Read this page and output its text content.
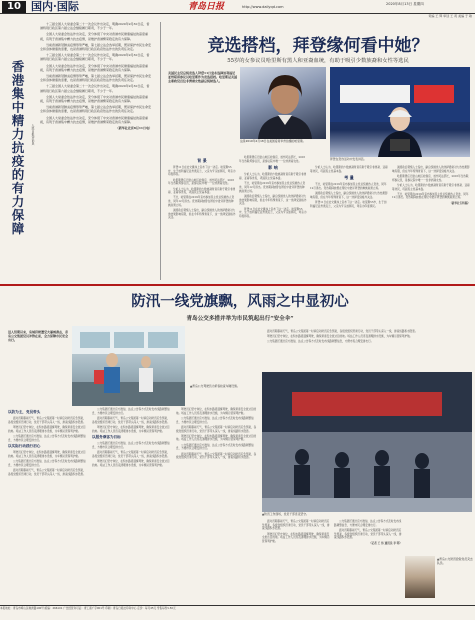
10 国内·国际	青岛日报	http://www.dailyqd.com
2020年8月13日 星期四
责编 王 辉 审读 王 莉 美编 于 敏
香港集中精力抗疫的有力保障	人民日报评论员

十三届全国人大常委会第二十一次会议作出决定，明确2020年9月30日后，香港特别行政区第六届立法会继续履行职责，不少于一年。

全国人大常委会依法作出决定，充分体现了中央对香港市民健康福祉的高度重视，有利于香港集中精力抗击疫情，是维护香港繁荣稳定的有力保障。

当前香港新冠肺炎疫情形势严峻，第七届立法会选举延期，既是保护市民生命安全和身体健康的需要，也是香港特别行政区政府依法作出的负责任决定。

十三届全国人大常委会第二十一次会议作出决定，明确2020年9月30日后，香港特别行政区第六届立法会继续履行职责，不少于一年。

全国人大常委会依法作出决定，充分体现了中央对香港市民健康福祉的高度重视，有利于香港集中精力抗击疫情，是维护香港繁荣稳定的有力保障。

当前香港新冠肺炎疫情形势严峻，第七届立法会选举延期，既是保护市民生命安全和身体健康的需要，也是香港特别行政区政府依法作出的负责任决定。

十三届全国人大常委会第二十一次会议作出决定，明确2020年9月30日后，香港特别行政区第六届立法会继续履行职责，不少于一年。

全国人大常委会依法作出决定，充分体现了中央对香港市民健康福祉的高度重视，有利于香港集中精力抗击疫情，是维护香港繁荣稳定的有力保障。

当前香港新冠肺炎疫情形势严峻，第七届立法会选举延期，既是保护市民生命安全和身体健康的需要，也是香港特别行政区政府依法作出的负责任决定。

全国人大常委会依法作出决定，充分体现了中央对香港市民健康福祉的高度重视，有利于香港集中精力抗击疫情，是维护香港繁荣稳定的有力保障。

（新华社北京8月11日电）

竞选搭档，拜登缘何看中她？
55岁的女参议员哈里斯有黑人和亚裔血统，有助于吸引少数族裔和女性等选民
美国民主党总统竞选人拜登11日宣布选择加利福尼亚州联邦参议员哈里斯作为竞选搭档。哈里斯是美国主要政党首位非洲裔女性副总统候选人。
这是2019年2月18日在美国爱荷华州拍摄的哈里斯。
拜登在竞选活动中发表讲话。
背 景

拜登11日在社交媒体上宣布了这一决定。哈里斯55岁，生于加利福尼亚州奥克兰，父亲为牙买加移民，母亲为印度移民。

哈里斯曾任旧金山地区检察官、加州司法部长，2016年当选联邦参议员，是参议院中唯一一位非洲裔女性。

分析人士认为，哈里斯的少数族裔背景有助于吸引非洲裔、亚裔等选民，巩固民主党基本盘。

不过，哈里斯在2019年宣布参加民主党总统候选人竞选，同年12月退出。竞选期间她曾在辩论中批评拜登的种族政策立场。

美国政治观察人士指出，副总统候选人的选择通常对大选结果影响有限，但在今年特殊背景下，这一选择受到格外关注。

哈里斯曾任旧金山地区检察官、加州司法部长，2016年当选联邦参议员，是参议院中唯一一位非洲裔女性。

影 响

分析人士认为，哈里斯的少数族裔背景有助于吸引非洲裔、亚裔等选民，巩固民主党基本盘。

不过，哈里斯在2019年宣布参加民主党总统候选人竞选，同年12月退出。竞选期间她曾在辩论中批评拜登的种族政策立场。

美国政治观察人士指出，副总统候选人的选择通常对大选结果影响有限，但在今年特殊背景下，这一选择受到格外关注。

拜登11日在社交媒体上宣布了这一决定。哈里斯55岁，生于加利福尼亚州奥克兰，父亲为牙买加移民，母亲为印度移民。

分析人士认为，哈里斯的少数族裔背景有助于吸引非洲裔、亚裔等选民，巩固民主党基本盘。

考 量

不过，哈里斯在2019年宣布参加民主党总统候选人竞选，同年12月退出。竞选期间她曾在辩论中批评拜登的种族政策立场。

美国政治观察人士指出，副总统候选人的选择通常对大选结果影响有限，但在今年特殊背景下，这一选择受到格外关注。

拜登11日在社交媒体上宣布了这一决定。哈里斯55岁，生于加利福尼亚州奥克兰，父亲为牙买加移民，母亲为印度移民。

美国政治观察人士指出，副总统候选人的选择通常对大选结果影响有限，但在今年特殊背景下，这一选择受到格外关注。

哈里斯曾任旧金山地区检察官、加州司法部长，2016年当选联邦参议员，是参议院中唯一一位非洲裔女性。

分析人士认为，哈里斯的少数族裔背景有助于吸引非洲裔、亚裔等选民，巩固民主党基本盘。

不过，哈里斯在2019年宣布参加民主党总统候选人竞选，同年12月退出。竞选期间她曾在辩论中批评拜登的种族政策立场。

（新华社专特稿）

防汛一线党旗飘，风雨之中显初心
青岛公交多措并举为市民筑起出行“安全伞”
进入汛期以来，岛城持续遭受大暴雨袭击，青岛公交集团党员冲锋在前，全力保障市民安全出行。
▲青岛公交驾驶员为乘客检查车厢设施。
以防为主，党员带头

面对汛期暴雨天气，青岛公交集团第一时间启动防汛应急预案，各级党组织迅速行动，党员干部带头深入一线，排查线路积水隐患。

驾驶员们坚守岗位，在积水路段谨慎驾驶，确保乘客安全抵达目的地。场站工作人员连夜清理排水设施，为车辆运营保驾护航。

公交集团还通过官方微信、站点公告等方式及时发布线路调整信息，方便市民合理安排出行。

以实际行动践行初心

驾驶员们坚守岗位，在积水路段谨慎驾驶，确保乘客安全抵达目的地。场站工作人员连夜清理排水设施，为车辆运营保驾护航。

公交集团还通过官方微信、站点公告等方式及时发布线路调整信息，方便市民合理安排出行。

面对汛期暴雨天气，青岛公交集团第一时间启动防汛应急预案，各级党组织迅速行动，党员干部带头深入一线，排查线路积水隐患。

公交集团还通过官方微信、站点公告等方式及时发布线路调整信息，方便市民合理安排出行。

面对汛期暴雨天气，青岛公交集团第一时间启动防汛应急预案，各级党组织迅速行动，党员干部带头深入一线，排查线路积水隐患。

驾驶员们坚守岗位，在积水路段谨慎驾驶，确保乘客安全抵达目的地。场站工作人员连夜清理排水设施，为车辆运营保驾护航。

以服务乘客为目标

公交集团还通过官方微信、站点公告等方式及时发布线路调整信息，方便市民合理安排出行。

面对汛期暴雨天气，青岛公交集团第一时间启动防汛应急预案，各级党组织迅速行动，党员干部带头深入一线，排查线路积水隐患。

驾驶员们坚守岗位，在积水路段谨慎驾驶，确保乘客安全抵达目的地。场站工作人员连夜清理排水设施，为车辆运营保驾护航。

驾驶员们坚守岗位，在积水路段谨慎驾驶，确保乘客安全抵达目的地。场站工作人员连夜清理排水设施，为车辆运营保驾护航。

公交集团还通过官方微信、站点公告等方式及时发布线路调整信息，方便市民合理安排出行。

面对汛期暴雨天气，青岛公交集团第一时间启动防汛应急预案，各级党组织迅速行动，党员干部带头深入一线，排查线路积水隐患。

驾驶员们坚守岗位，在积水路段谨慎驾驶，确保乘客安全抵达目的地。场站工作人员连夜清理排水设施，为车辆运营保驾护航。

公交集团还通过官方微信、站点公告等方式及时发布线路调整信息，方便市民合理安排出行。

面对汛期暴雨天气，青岛公交集团第一时间启动防汛应急预案，各级党组织迅速行动，党员干部带头深入一线，排查线路积水隐患。

面对汛期暴雨天气，青岛公交集团第一时间启动防汛应急预案，各级党组织迅速行动，党员干部带头深入一线，排查线路积水隐患。

驾驶员们坚守岗位，在积水路段谨慎驾驶，确保乘客安全抵达目的地。场站工作人员连夜清理排水设施，为车辆运营保驾护航。

公交集团还通过官方微信、站点公告等方式及时发布线路调整信息，方便市民合理安排出行。

▲防汛工作现场，党员干部连夜坚守。

面对汛期暴雨天气，青岛公交集团第一时间启动防汛应急预案，各级党组织迅速行动，党员干部带头深入一线，排查线路积水隐患。

驾驶员们坚守岗位，在积水路段谨慎驾驶，确保乘客安全抵达目的地。场站工作人员连夜清理排水设施，为车辆运营保驾护航。

公交集团还通过官方微信、站点公告等方式及时发布线路调整信息，方便市民合理安排出行。

面对汛期暴雨天气，青岛公交集团第一时间启动防汛应急预案，各级党组织迅速行动，党员干部带头深入一线，排查线路积水隐患。

（记者 王 伟 通讯员 李 明）

▲青岛公交防汛抢险党员突击队员。
本报地址：青岛市崂山区株洲路190号 邮编：266101 广告经营许可证：青工商广字001号 印刷：青岛日报社印务中心 定价：每月45元 零售每份1.50元
